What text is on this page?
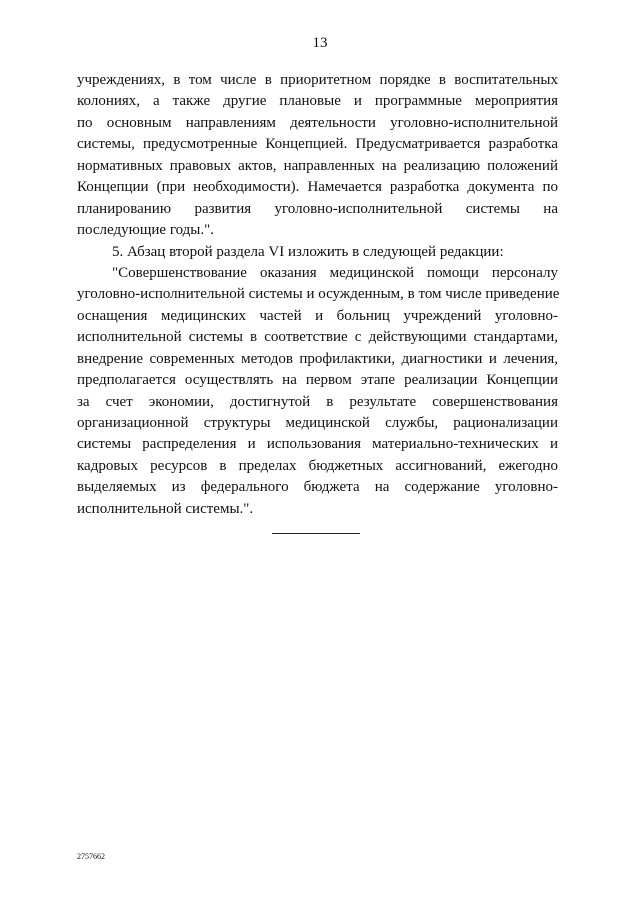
13
учреждениях, в том числе в приоритетном порядке в воспитательных
колониях, а также другие плановые и программные мероприятия
по основным направлениям деятельности уголовно-исполнительной
системы, предусмотренные Концепцией. Предусматривается разработка
нормативных правовых актов, направленных на реализацию положений
Концепции (при необходимости). Намечается разработка документа по
планированию развития уголовно-исполнительной системы на
последующие годы.".
5. Абзац второй раздела VI изложить в следующей редакции:
"Совершенствование оказания медицинской помощи персоналу
уголовно-исполнительной системы и осужденным, в том числе приведение
оснащения медицинских частей и больниц учреждений уголовно-
исполнительной системы в соответствие с действующими стандартами,
внедрение современных методов профилактики, диагностики и лечения,
предполагается осуществлять на первом этапе реализации Концепции
за счет экономии, достигнутой в результате совершенствования
организационной структуры медицинской службы, рационализации
системы распределения и использования материально-технических и
кадровых ресурсов в пределах бюджетных ассигнований, ежегодно
выделяемых из федерального бюджета на содержание уголовно-
исполнительной системы.".
2757662
